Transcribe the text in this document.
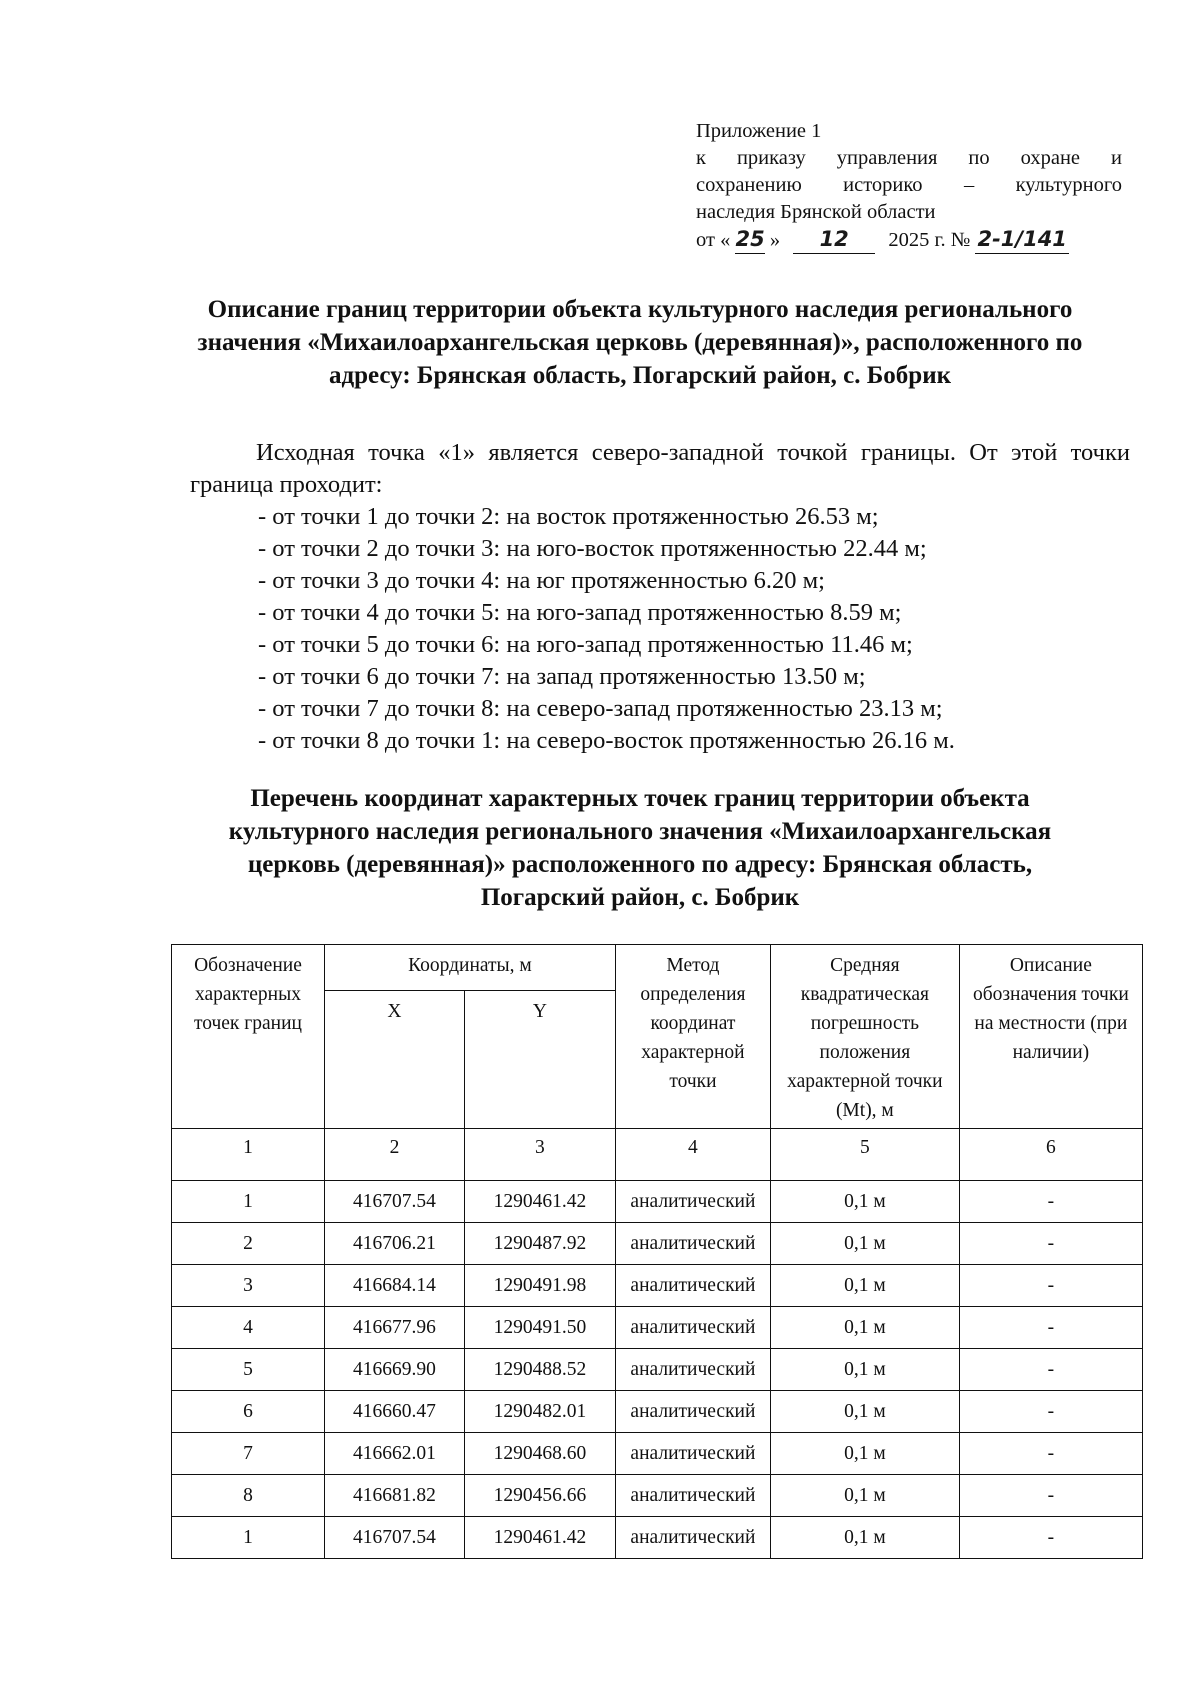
Приложение 1
к приказу управления по охране и
сохранению историко – культурного
наследия Брянской области
от « 25 » 12 2025 г. № 2-1/141
Описание границ территории объекта культурного наследия регионального значения «Михаилоархангельская церковь (деревянная)», расположенного по адресу: Брянская область, Погарский район, с. Бобрик

Исходная точка «1» является северо-западной точкой границы. От этой точки граница проходит:

- от точки 1 до точки 2: на восток протяженностью 26.53 м;
- от точки 2 до точки 3: на юго-восток протяженностью 22.44 м;
- от точки 3 до точки 4: на юг протяженностью 6.20 м;
- от точки 4 до точки 5: на юго-запад протяженностью 8.59 м;
- от точки 5 до точки 6: на юго-запад протяженностью 11.46 м;
- от точки 6 до точки 7: на запад протяженностью 13.50 м;
- от точки 7 до точки 8: на северо-запад протяженностью 23.13 м;
- от точки 8 до точки 1: на северо-восток протяженностью 26.16 м.
Перечень координат характерных точек границ территории объекта культурного наследия регионального значения «Михаилоархангельская церковь (деревянная)» расположенного по адресу: Брянская область, Погарский район, с. Бобрик
Обозначение характерных точек границ	Координаты, м		Метод определения координат характерной точки	Средняя квадратическая погрешность положения характерной точки (Mt), м	Описание обозначения точки на местности (при наличии)
	X	Y			
1	2	3	4	5	6
1	416707.54	1290461.42	аналитический	0,1 м	-
2	416706.21	1290487.92	аналитический	0,1 м	-
3	416684.14	1290491.98	аналитический	0,1 м	-
4	416677.96	1290491.50	аналитический	0,1 м	-
5	416669.90	1290488.52	аналитический	0,1 м	-
6	416660.47	1290482.01	аналитический	0,1 м	-
7	416662.01	1290468.60	аналитический	0,1 м	-
8	416681.82	1290456.66	аналитический	0,1 м	-
1	416707.54	1290461.42	аналитический	0,1 м	-
